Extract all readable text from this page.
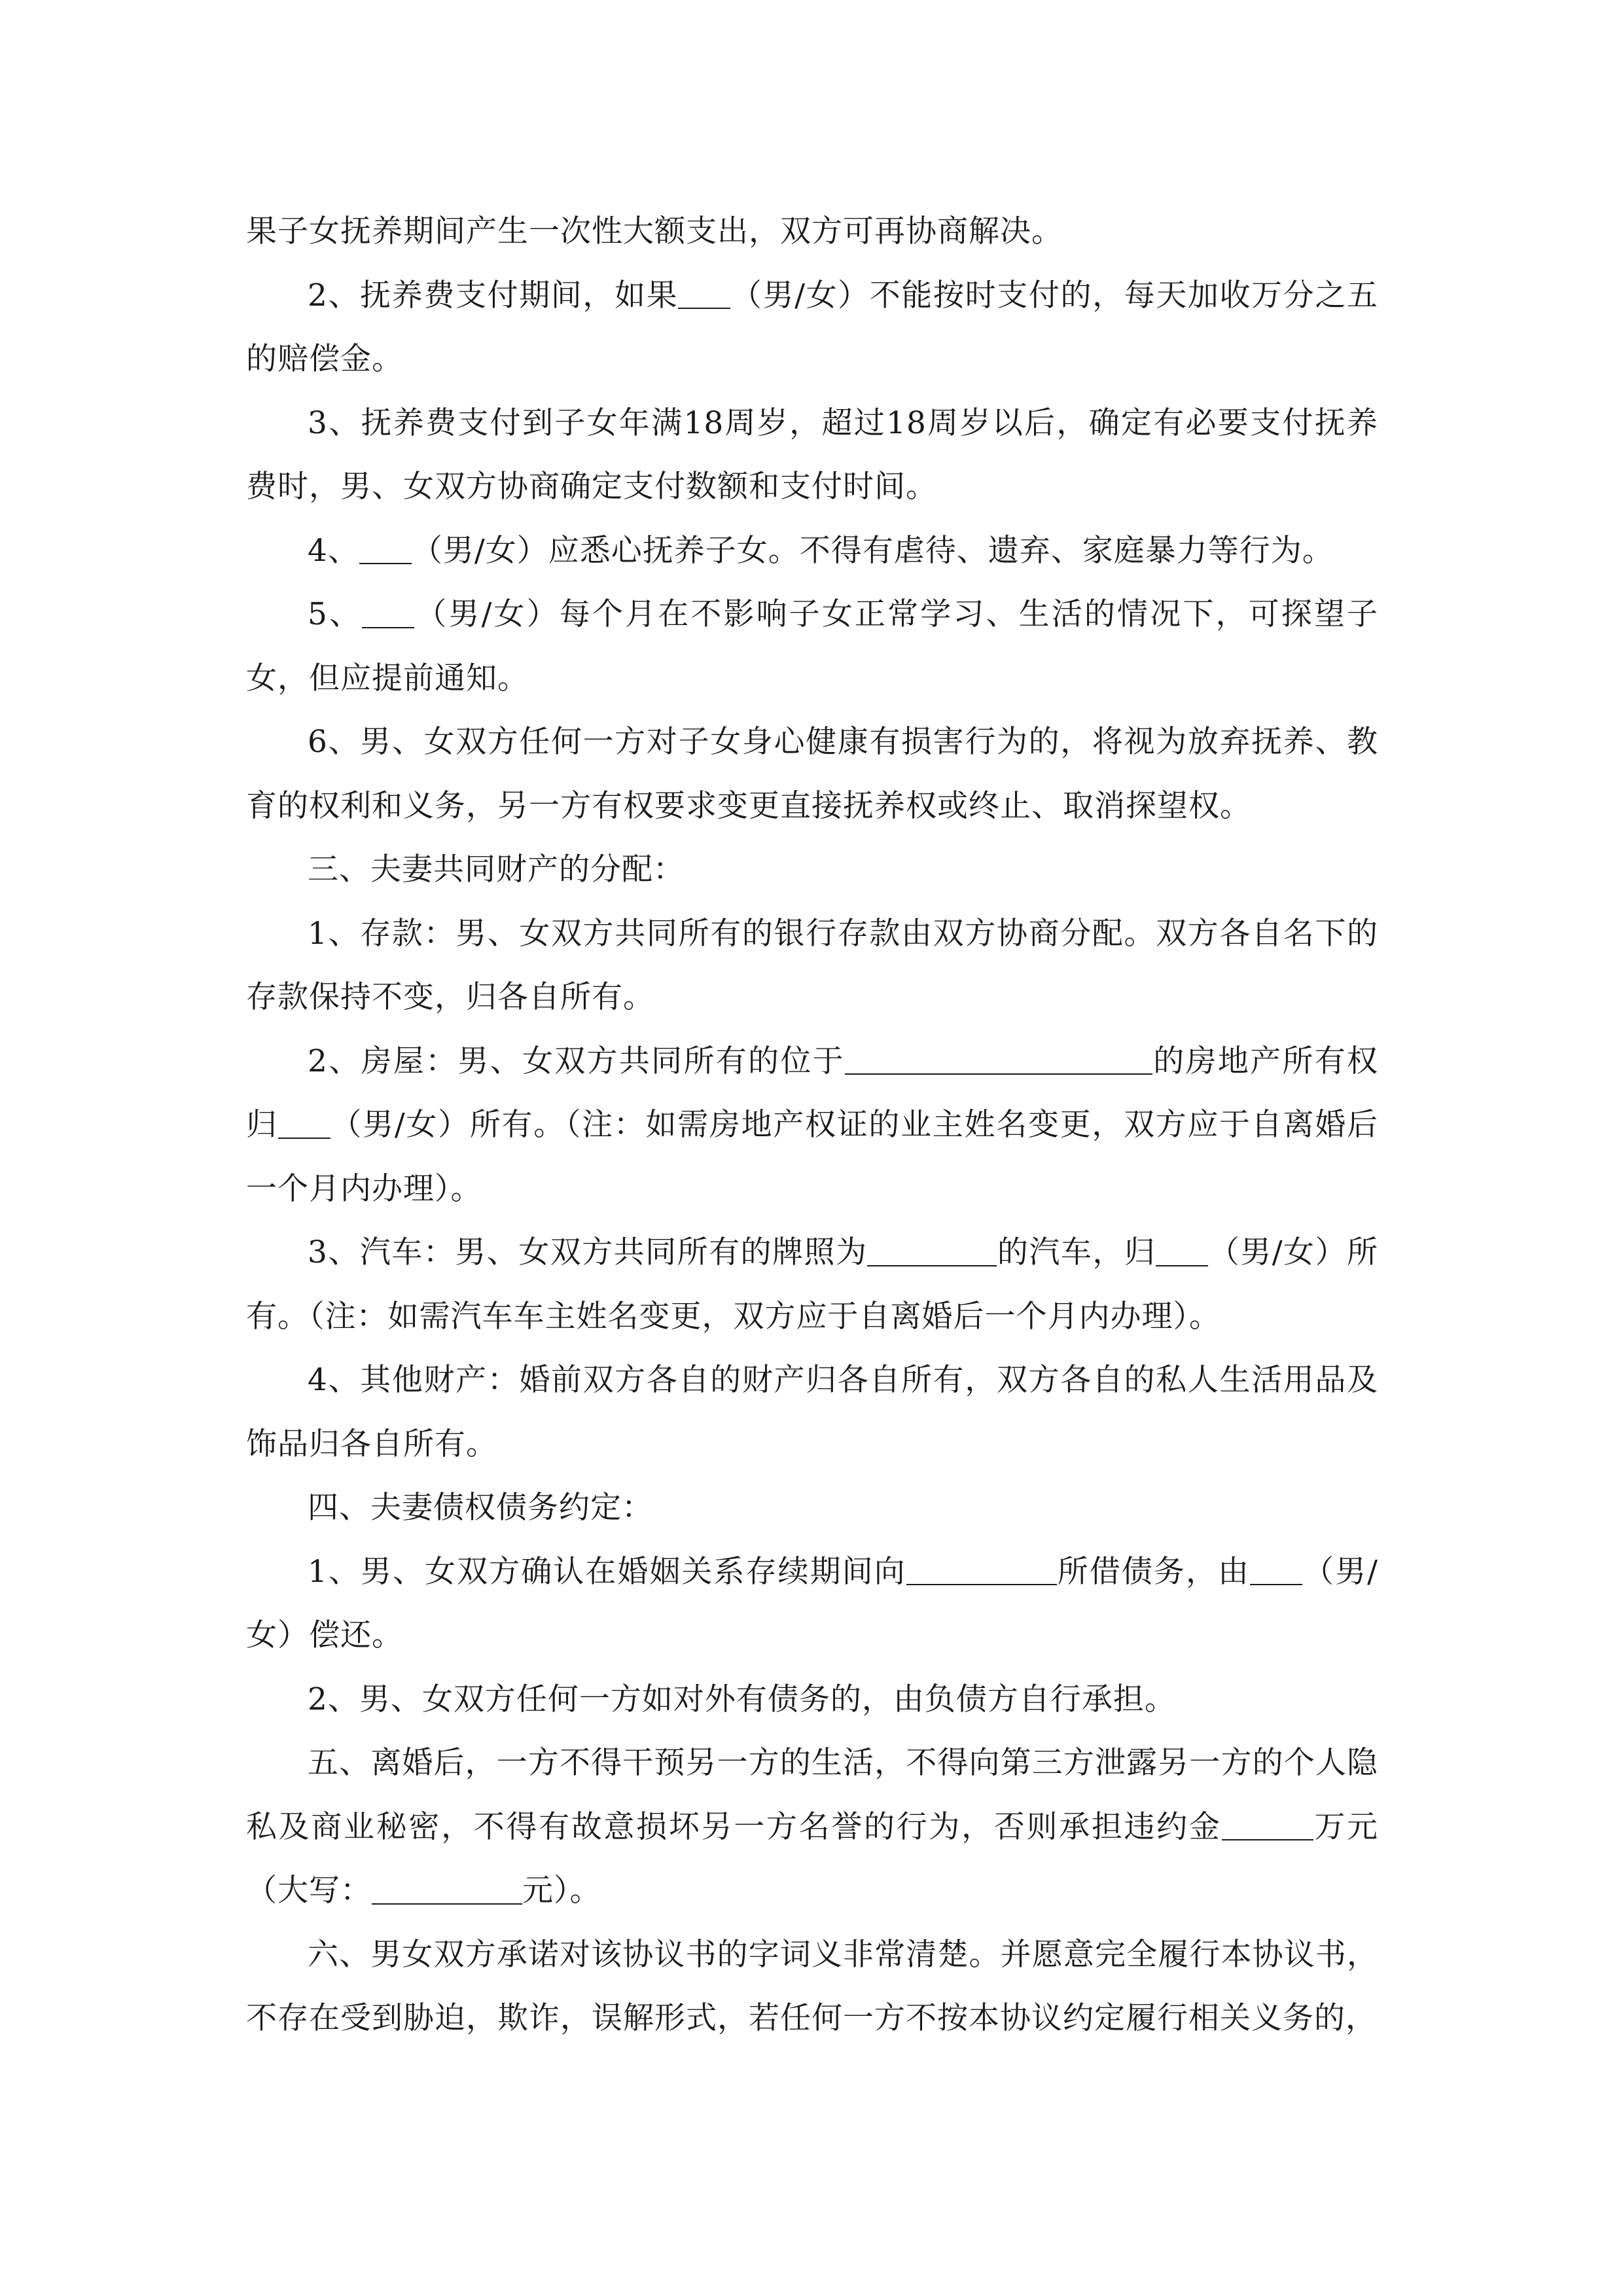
果子女抚养期间产生一次性大额支出，双方可再协商解决。

2、抚养费支付期间，如果 （男/女）不能按时支付的，每天加收万分之五的赔偿金。

3、抚养费支付到子女年满18周岁，超过18周岁以后，确定有必要支付抚养费时，男、女双方协商确定支付数额和支付时间。

4、 （男/女）应悉心抚养子女。不得有虐待、遗弃、家庭暴力等行为。

5、 （男/女）每个月在不影响子女正常学习、生活的情况下，可探望子女，但应提前通知。

6、男、女双方任何一方对子女身心健康有损害行为的，将视为放弃抚养、教育的权利和义务，另一方有权要求变更直接抚养权或终止、取消探望权。

三、夫妻共同财产的分配：

1、存款：男、女双方共同所有的银行存款由双方协商分配。双方各自名下的存款保持不变，归各自所有。

2、房屋：男、女双方共同所有的位于	的房地产所有权归 （男/女）所有。（注：如需房地产权证的业主姓名变更，双方应于自离婚后一个月内办理）。

3、汽车：男、女双方共同所有的牌照为	的汽车，归 （男/女）所有。（注：如需汽车车主姓名变更，双方应于自离婚后一个月内办理）。

4、其他财产：婚前双方各自的财产归各自所有，双方各自的私人生活用品及饰品归各自所有。

四、夫妻债权债务约定：

1、男、女双方确认在婚姻关系存续期间向	所借债务，由 （男/女）偿还。

2、男、女双方任何一方如对外有债务的，由负债方自行承担。

五、离婚后，一方不得干预另一方的生活，不得向第三方泄露另一方的个人隐私及商业秘密，不得有故意损坏另一方名誉的行为，否则承担违约金	万元（大写：	元）。

六、男女双方承诺对该协议书的字词义非常清楚。并愿意完全履行本协议书，不存在受到胁迫，欺诈，误解形式，若任何一方不按本协议约定履行相关义务的，
